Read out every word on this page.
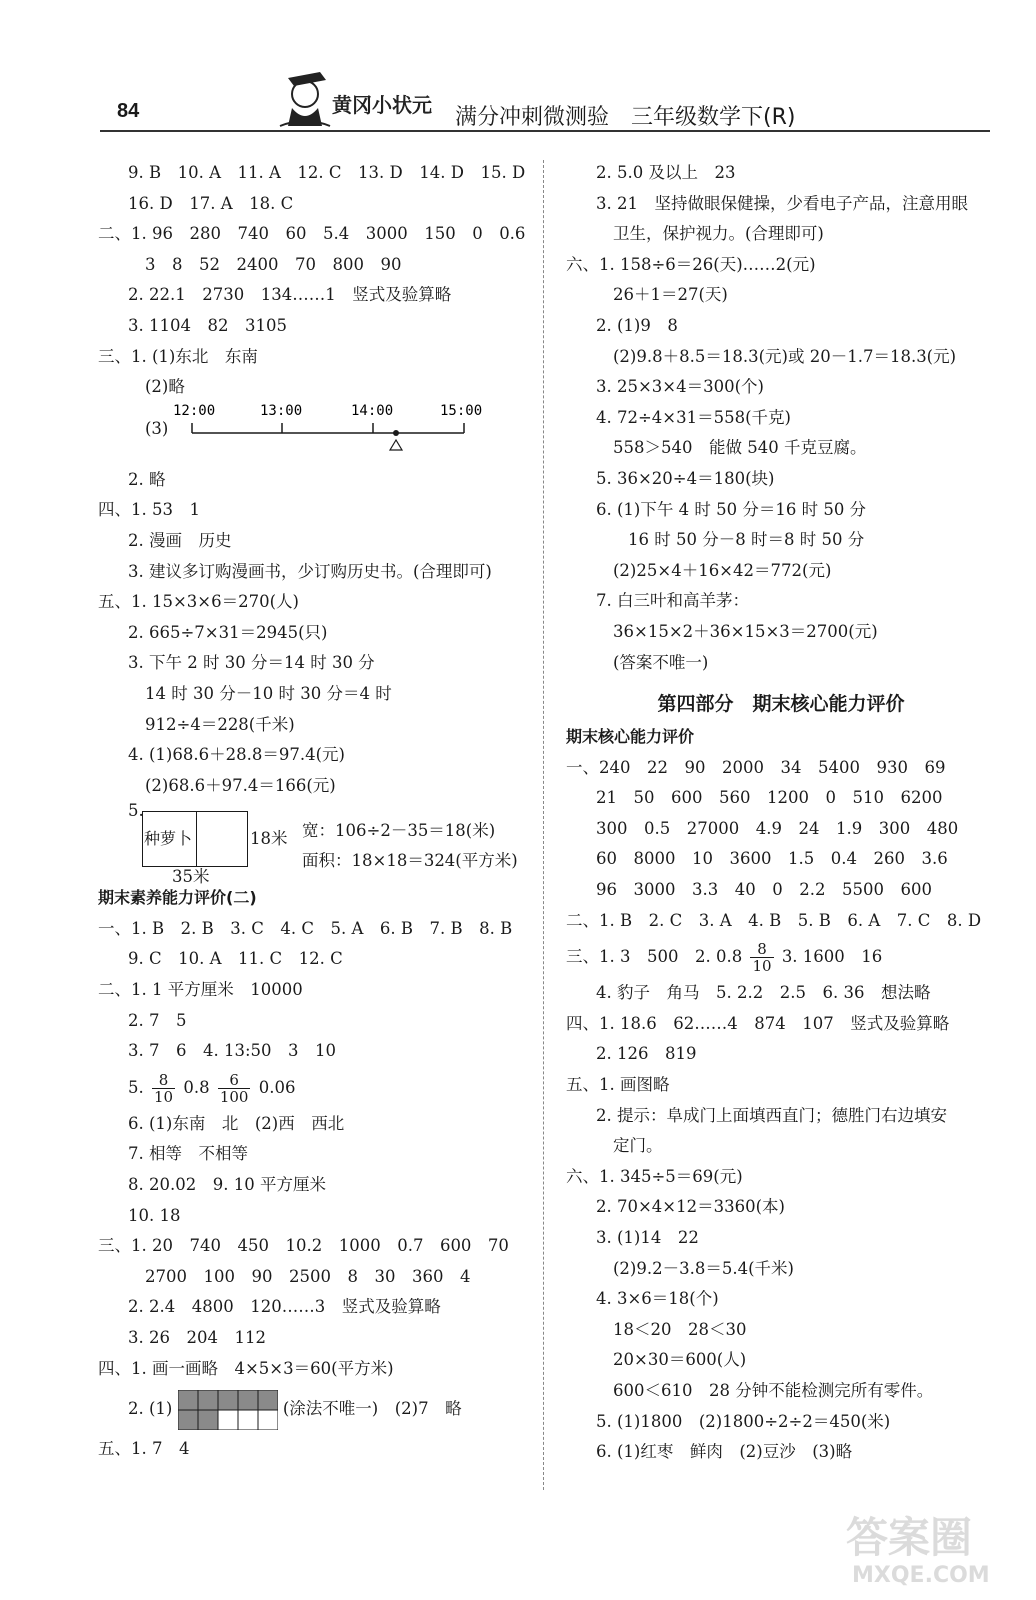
84	黄冈小状元 满分冲刺微测验　三年级数学下(R)
9. B　10. A　11. A　12. C　13. D　14. D　15. D
16. D　17. A　18. C
二、1. 96　280　740　60　5.4　3000　150　0　0.6
3　8　52　2400　70　800　90
2. 22.1　2730　134……1　竖式及验算略
3. 1104　82　3105
三、1. (1)东北　东南
(2)略
(3)
12:00	13:00	14:00	15:00
2. 略
四、1. 53　1
2. 漫画　历史
3. 建议多订购漫画书，少订购历史书。(合理即可)
五、1. 15×3×6＝270(人)
2. 665÷7×31＝2945(只)
3. 下午 2 时 30 分＝14 时 30 分
14 时 30 分－10 时 30 分＝4 时
912÷4＝228(千米)
4. (1)68.6＋28.8＝97.4(元)
(2)68.6＋97.4＝166(元)
5.
种萝卜	18米
35米
宽：106÷2－35＝18(米)
面积：18×18＝324(平方米)
期末素养能力评价(二)
一、1. B　2. B　3. C　4. C　5. A　6. B　7. B　8. B
9. C　10. A　11. C　12. C
二、1. 1 平方厘米　10000
2. 7　5
3. 7　6　4. 13:50　3　10
5. $\frac{8}{10} 0.8 \frac{6}{100} 0.06$
6. (1)东南　北　(2)西　西北
7. 相等　不相等
8. 20.02　9. 10 平方厘米
10. 18
三、1. 20　740　450　10.2　1000　0.7　600　70
2700　100　90　2500　8　30　360　4
2. 2.4　4800　120……3　竖式及验算略
3. 26　204　112
四、1. 画一画略　4×5×3＝60(平方米)
2. (1)	(涂法不唯一)　(2)7　略
五、1. 7　4
2. 5.0 及以上　23
3. 21　坚持做眼保健操，少看电子产品，注意用眼
卫生，保护视力。(合理即可)
六、1. 158÷6＝26(天)……2(元)
26＋1＝27(天)
2. (1)9　8
(2)9.8＋8.5＝18.3(元)或 20－1.7＝18.3(元)
3. 25×3×4＝300(个)
4. 72÷4×31＝558(千克)
558＞540　能做 540 千克豆腐。
5. 36×20÷4＝180(块)
6. (1)下午 4 时 50 分＝16 时 50 分
16 时 50 分－8 时＝8 时 50 分
(2)25×4＋16×42＝772(元)
7. 白三叶和高羊茅：
36×15×2＋36×15×3＝2700(元)
(答案不唯一)
第四部分　期末核心能力评价
期末核心能力评价
一、240　22　90　2000　34　5400　930　69
21　50　600　560　1200　0　510　6200
300　0.5　27000　4.9　24　1.9　300　480
60　8000　10　3600　1.5　0.4　260　3.6
96　3000　3.3　40　0　2.2　5500　600
二、1. B　2. C　3. A　4. B　5. B　6. A　7. C　8. D
三、1. 3　500　2. $0.8 \frac{8}{10} 3$. 1600　16
4. 豹子　角马　5. 2.2　2.5　6. 36　想法略
四、1. 18.6　62……4　874　107　竖式及验算略
2. 126　819
五、1. 画图略
2. 提示：阜成门上面填西直门；德胜门右边填安
定门。
六、1. 345÷5＝69(元)
2. 70×4×12＝3360(本)
3. (1)14　22
(2)9.2－3.8＝5.4(千米)
4. 3×6＝18(个)
18＜20　28＜30
20×30＝600(人)
600＜610　28 分钟不能检测完所有零件。
5. (1)1800　(2)1800÷2÷2＝450(米)
6. (1)红枣　鲜肉　(2)豆沙　(3)略
答案圈
MXQE.COM
